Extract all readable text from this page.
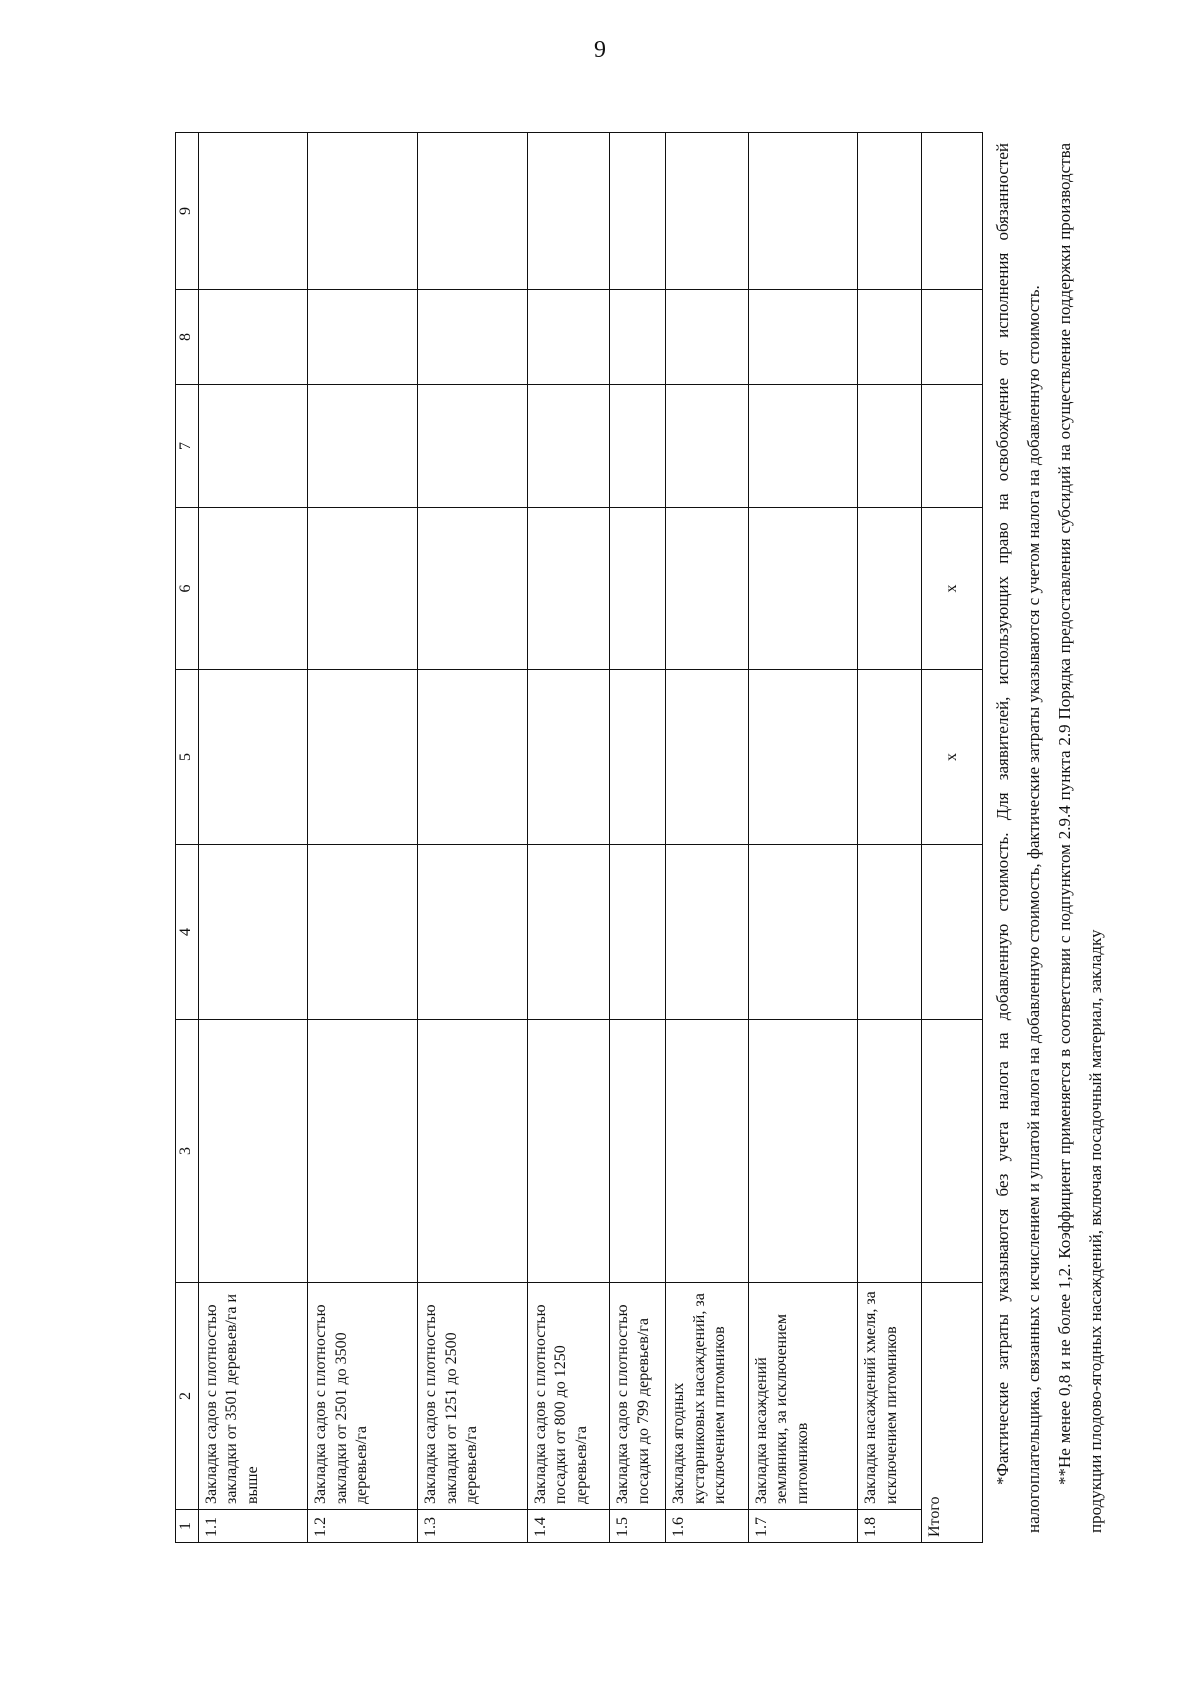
9
1	2	3	4	5	6	7	8	9
1.1	Закладка садов с плотностью закладки от 3501 деревьев/га и выше							
1.2	Закладка садов с плотностью закладки от 2501 до 3500 деревьев/га							
1.3	Закладка садов с плотностью закладки от 1251 до 2500 деревьев/га							
1.4	Закладка садов с плотностью посадки от 800 до 1250 деревьев/га							
1.5	Закладка садов с плотностью посадки до 799 деревьев/га							
1.6	Закладка ягодных кустарниковых насаждений, за исключением питомников							
1.7	Закладка насаждений земляники, за исключением питомников							
1.8	Закладка насаждений хмеля, за исключением питомников							
Итого				х	х				*Фактические затраты указываются без учета налога на добавленную стоимость. Для заявителей, использующих право на освобождение от исполнения обязанностей налогоплательщика, связанных с исчислением и уплатой налога на добавленную стоимость, фактические затраты указываются с учетом налога на добавленную стоимость. **Не менее 0,8 и не более 1,2. Коэффициент применяется в соответствии с подпунктом 2.9.4 пункта 2.9 Порядка предоставления субсидий на осуществление поддержки производства продукции плодово-ягодных насаждений, включая посадочный материал, закладку
